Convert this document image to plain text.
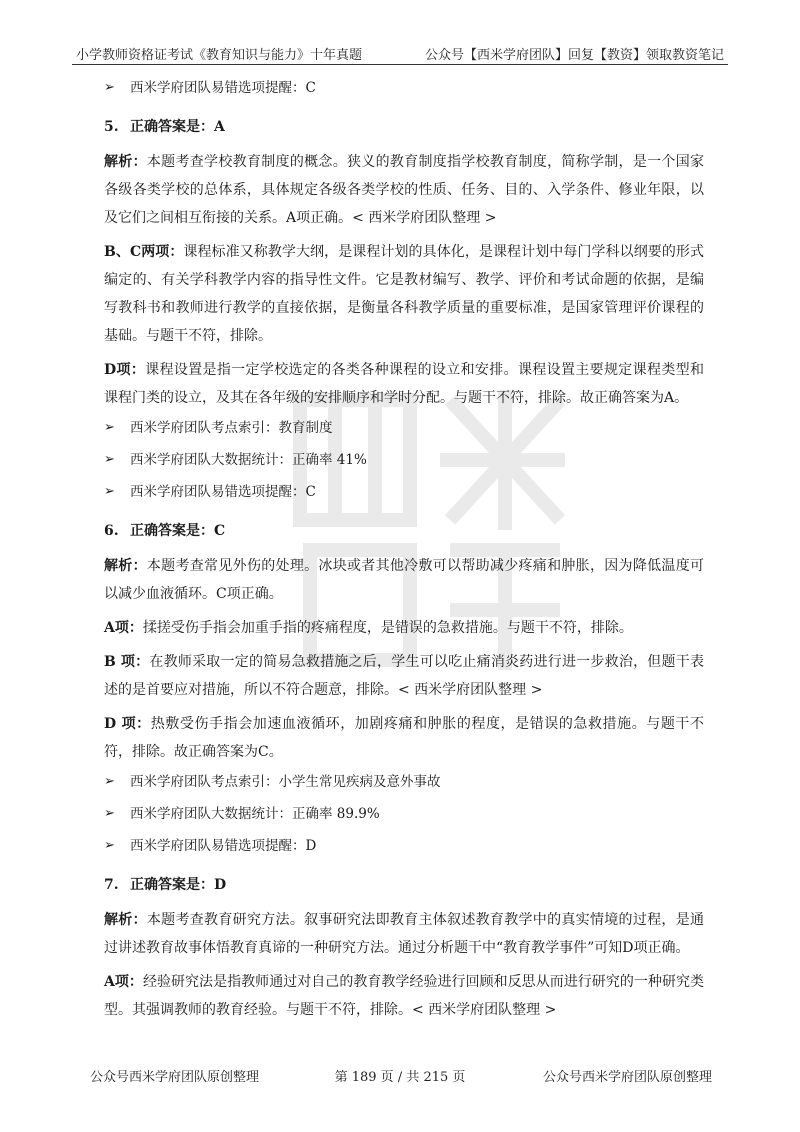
小学教师资格证考试《教育知识与能力》十年真题	公众号【西米学府团队】回复【教资】领取教资笔记
➢ 西米学府团队易错选项提醒：C
5. 正确答案是：A

解析：本题考查学校教育制度的概念。狭义的教育制度指学校教育制度，简称学制，是一个国家各级各类学校的总体系，具体规定各级各类学校的性质、任务、目的、入学条件、修业年限，以及它们之间相互衔接的关系。A项正确。< 西米学府团队整理 >

B、C两项：课程标准又称教学大纲，是课程计划的具体化，是课程计划中每门学科以纲要的形式编定的、有关学科教学内容的指导性文件。它是教材编写、教学、评价和考试命题的依据，是编写教科书和教师进行教学的直接依据，是衡量各科教学质量的重要标准，是国家管理评价课程的基础。与题干不符，排除。

D项：课程设置是指一定学校选定的各类各种课程的设立和安排。课程设置主要规定课程类型和课程门类的设立，及其在各年级的安排顺序和学时分配。与题干不符，排除。故正确答案为A。

➢ 西米学府团队考点索引：教育制度
➢ 西米学府团队大数据统计：正确率 41%
➢ 西米学府团队易错选项提醒：C
6. 正确答案是：C

解析：本题考查常见外伤的处理。冰块或者其他冷敷可以帮助减少疼痛和肿胀，因为降低温度可以减少血液循环。C项正确。

A项：揉搓受伤手指会加重手指的疼痛程度，是错误的急救措施。与题干不符，排除。

B 项：在教师采取一定的简易急救措施之后，学生可以吃止痛消炎药进行进一步救治，但题干表述的是首要应对措施，所以不符合题意，排除。< 西米学府团队整理 >

D 项：热敷受伤手指会加速血液循环，加剧疼痛和肿胀的程度，是错误的急救措施。与题干不符，排除。故正确答案为C。

➢ 西米学府团队考点索引：小学生常见疾病及意外事故
➢ 西米学府团队大数据统计：正确率 89.9%
➢ 西米学府团队易错选项提醒：D
7. 正确答案是：D

解析：本题考查教育研究方法。叙事研究法即教育主体叙述教育教学中的真实情境的过程，是通过讲述教育故事体悟教育真谛的一种研究方法。通过分析题干中“教育教学事件”可知D项正确。

A项：经验研究法是指教师通过对自己的教育教学经验进行回顾和反思从而进行研究的一种研究类型。其强调教师的教育经验。与题干不符，排除。< 西米学府团队整理 >

公众号西米学府团队原创整理	第 189 页 / 共 215 页	公众号西米学府团队原创整理
